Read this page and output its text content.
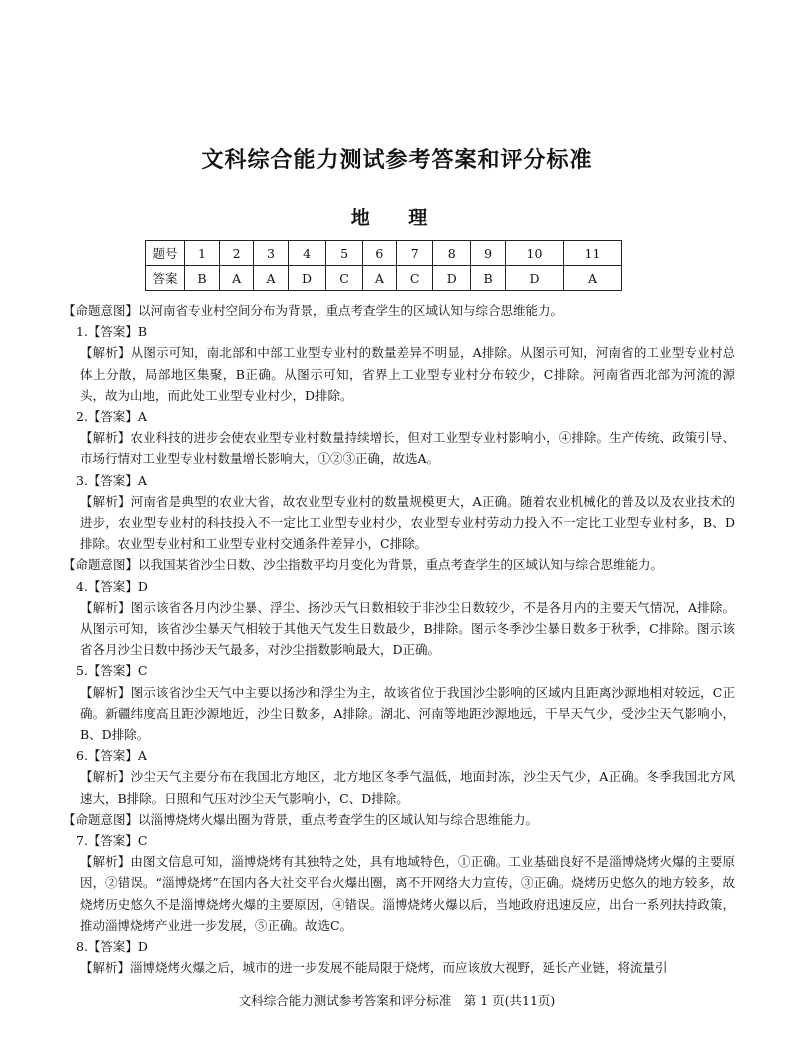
文科综合能力测试参考答案和评分标准
地 理
题号	1	2	3	4	5	6	7	8	9	10	11
答案	B	A	A	D	C	A	C	D	B	D	A

【命题意图】以河南省专业村空间分布为背景，重点考查学生的区域认知与综合思维能力。

1.【答案】B

【解析】从图示可知，南北部和中部工业型专业村的数量差异不明显，A排除。从图示可知，河南省的工业型专业村总体上分散，局部地区集聚，B正确。从图示可知，省界上工业型专业村分布较少，C排除。河南省西北部为河流的源头，故为山地，而此处工业型专业村少，D排除。

2.【答案】A

【解析】农业科技的进步会使农业型专业村数量持续增长，但对工业型专业村影响小，④排除。生产传统、政策引导、市场行情对工业型专业村数量增长影响大，①②③正确，故选A。

3.【答案】A

【解析】河南省是典型的农业大省，故农业型专业村的数量规模更大，A正确。随着农业机械化的普及以及农业技术的进步，农业型专业村的科技投入不一定比工业型专业村少，农业型专业村劳动力投入不一定比工业型专业村多，B、D排除。农业型专业村和工业型专业村交通条件差异小，C排除。

【命题意图】以我国某省沙尘日数、沙尘指数平均月变化为背景，重点考查学生的区域认知与综合思维能力。

4.【答案】D

【解析】图示该省各月内沙尘暴、浮尘、扬沙天气日数相较于非沙尘日数较少，不是各月内的主要天气情况，A排除。从图示可知，该省沙尘暴天气相较于其他天气发生日数最少，B排除。图示冬季沙尘暴日数多于秋季，C排除。图示该省各月沙尘日数中扬沙天气最多，对沙尘指数影响最大，D正确。

5.【答案】C

【解析】图示该省沙尘天气中主要以扬沙和浮尘为主，故该省位于我国沙尘影响的区域内且距离沙源地相对较远，C正确。新疆纬度高且距沙源地近，沙尘日数多，A排除。湖北、河南等地距沙源地远，干旱天气少，受沙尘天气影响小，B、D排除。

6.【答案】A

【解析】沙尘天气主要分布在我国北方地区，北方地区冬季气温低，地面封冻，沙尘天气少，A正确。冬季我国北方风速大，B排除。日照和气压对沙尘天气影响小，C、D排除。

【命题意图】以淄博烧烤火爆出圈为背景，重点考查学生的区域认知与综合思维能力。

7.【答案】C

【解析】由图文信息可知，淄博烧烤有其独特之处，具有地域特色，①正确。工业基础良好不是淄博烧烤火爆的主要原因，②错误。“淄博烧烤”在国内各大社交平台火爆出圈，离不开网络大力宣传，③正确。烧烤历史悠久的地方较多，故烧烤历史悠久不是淄博烧烤火爆的主要原因，④错误。淄博烧烤火爆以后，当地政府迅速反应，出台一系列扶持政策，推动淄博烧烤产业进一步发展，⑤正确。故选C。

8.【答案】D

【解析】淄博烧烤火爆之后，城市的进一步发展不能局限于烧烤，而应该放大视野，延长产业链，将流量引

文科综合能力测试参考答案和评分标准　第 1 页(共11页)
